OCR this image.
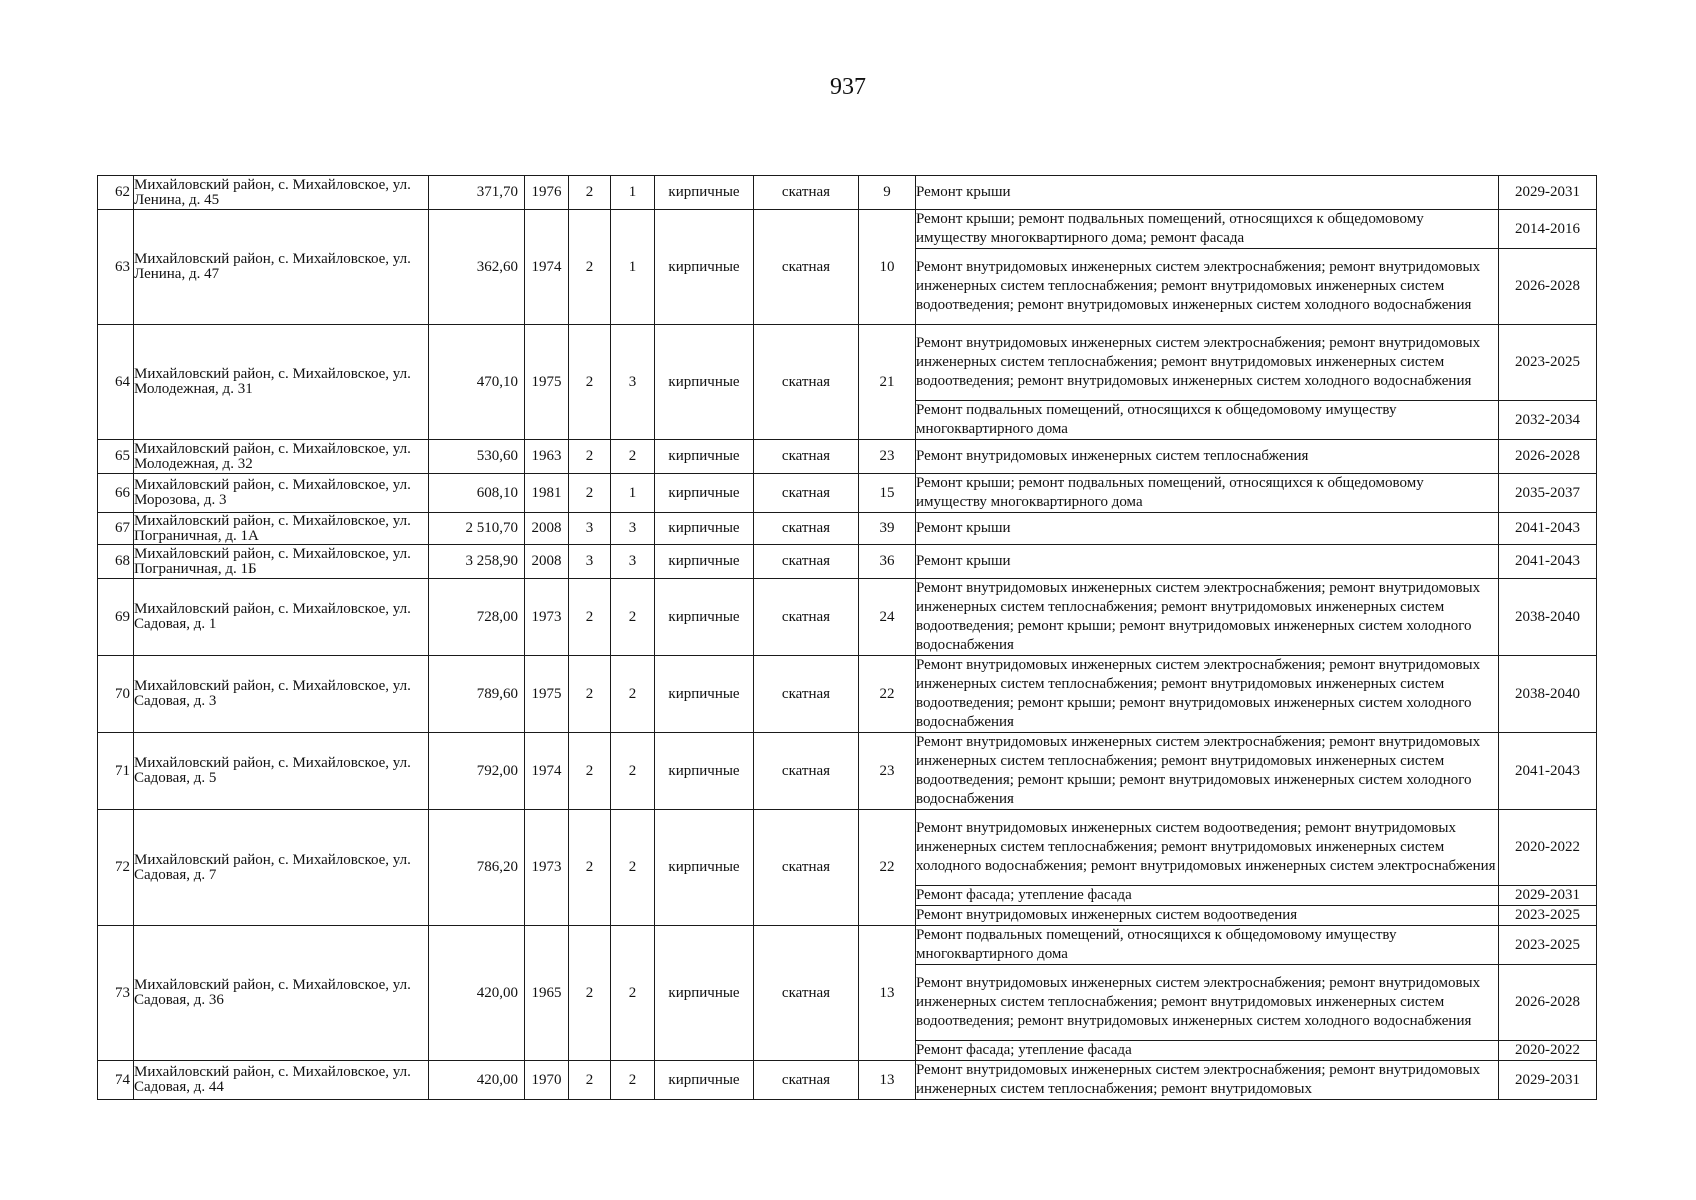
937
62	Михайловский район, с. Михайловское, ул. Ленина, д. 45	371,70	1976	2	1	кирпичные	скатная	9	Ремонт крыши	2029-2031
63	Михайловский район, с. Михайловское, ул. Ленина, д. 47	362,60	1974	2	1	кирпичные	скатная	10	Ремонт крыши; ремонт подвальных помещений, относящихся к общедомовому имуществу многоквартирного дома; ремонт фасада	2014-2016
									Ремонт внутридомовых инженерных систем электроснабжения; ремонт внутридомовых инженерных систем теплоснабжения; ремонт внутридомовых инженерных систем водоотведения; ремонт внутридомовых инженерных систем холодного водоснабжения	2026-2028
64	Михайловский район, с. Михайловское, ул. Молодежная, д. 31	470,10	1975	2	3	кирпичные	скатная	21	Ремонт внутридомовых инженерных систем электроснабжения; ремонт внутридомовых инженерных систем теплоснабжения; ремонт внутридомовых инженерных систем водоотведения; ремонт внутридомовых инженерных систем холодного водоснабжения	2023-2025
									Ремонт подвальных помещений, относящихся к общедомовому имуществу многоквартирного дома	2032-2034
65	Михайловский район, с. Михайловское, ул. Молодежная, д. 32	530,60	1963	2	2	кирпичные	скатная	23	Ремонт внутридомовых инженерных систем теплоснабжения	2026-2028
66	Михайловский район, с. Михайловское, ул. Морозова, д. 3	608,10	1981	2	1	кирпичные	скатная	15	Ремонт крыши; ремонт подвальных помещений, относящихся к общедомовому имуществу многоквартирного дома	2035-2037
67	Михайловский район, с. Михайловское, ул. Пограничная, д. 1А	2 510,70	2008	3	3	кирпичные	скатная	39	Ремонт крыши	2041-2043
68	Михайловский район, с. Михайловское, ул. Пограничная, д. 1Б	3 258,90	2008	3	3	кирпичные	скатная	36	Ремонт крыши	2041-2043
69	Михайловский район, с. Михайловское, ул. Садовая, д. 1	728,00	1973	2	2	кирпичные	скатная	24	Ремонт внутридомовых инженерных систем электроснабжения; ремонт внутридомовых инженерных систем теплоснабжения; ремонт внутридомовых инженерных систем водоотведения; ремонт крыши; ремонт внутридомовых инженерных систем холодного водоснабжения	2038-2040
70	Михайловский район, с. Михайловское, ул. Садовая, д. 3	789,60	1975	2	2	кирпичные	скатная	22	Ремонт внутридомовых инженерных систем электроснабжения; ремонт внутридомовых инженерных систем теплоснабжения; ремонт внутридомовых инженерных систем водоотведения; ремонт крыши; ремонт внутридомовых инженерных систем холодного водоснабжения	2038-2040
71	Михайловский район, с. Михайловское, ул. Садовая, д. 5	792,00	1974	2	2	кирпичные	скатная	23	Ремонт внутридомовых инженерных систем электроснабжения; ремонт внутридомовых инженерных систем теплоснабжения; ремонт внутридомовых инженерных систем водоотведения; ремонт крыши; ремонт внутридомовых инженерных систем холодного водоснабжения	2041-2043
72	Михайловский район, с. Михайловское, ул. Садовая, д. 7	786,20	1973	2	2	кирпичные	скатная	22	Ремонт внутридомовых инженерных систем водоотведения; ремонт внутридомовых инженерных систем теплоснабжения; ремонт внутридомовых инженерных систем холодного водоснабжения; ремонт внутридомовых инженерных систем электроснабжения	2020-2022
									Ремонт фасада; утепление фасада	2029-2031
									Ремонт внутридомовых инженерных систем водоотведения	2023-2025
73	Михайловский район, с. Михайловское, ул. Садовая, д. 36	420,00	1965	2	2	кирпичные	скатная	13	Ремонт подвальных помещений, относящихся к общедомовому имуществу многоквартирного дома	2023-2025
									Ремонт внутридомовых инженерных систем электроснабжения; ремонт внутридомовых инженерных систем теплоснабжения; ремонт внутридомовых инженерных систем водоотведения; ремонт внутридомовых инженерных систем холодного водоснабжения	2026-2028
									Ремонт фасада; утепление фасада	2020-2022
74	Михайловский район, с. Михайловское, ул. Садовая, д. 44	420,00	1970	2	2	кирпичные	скатная	13	Ремонт внутридомовых инженерных систем электроснабжения; ремонт внутридомовых инженерных систем теплоснабжения; ремонт внутридомовых	2029-2031
